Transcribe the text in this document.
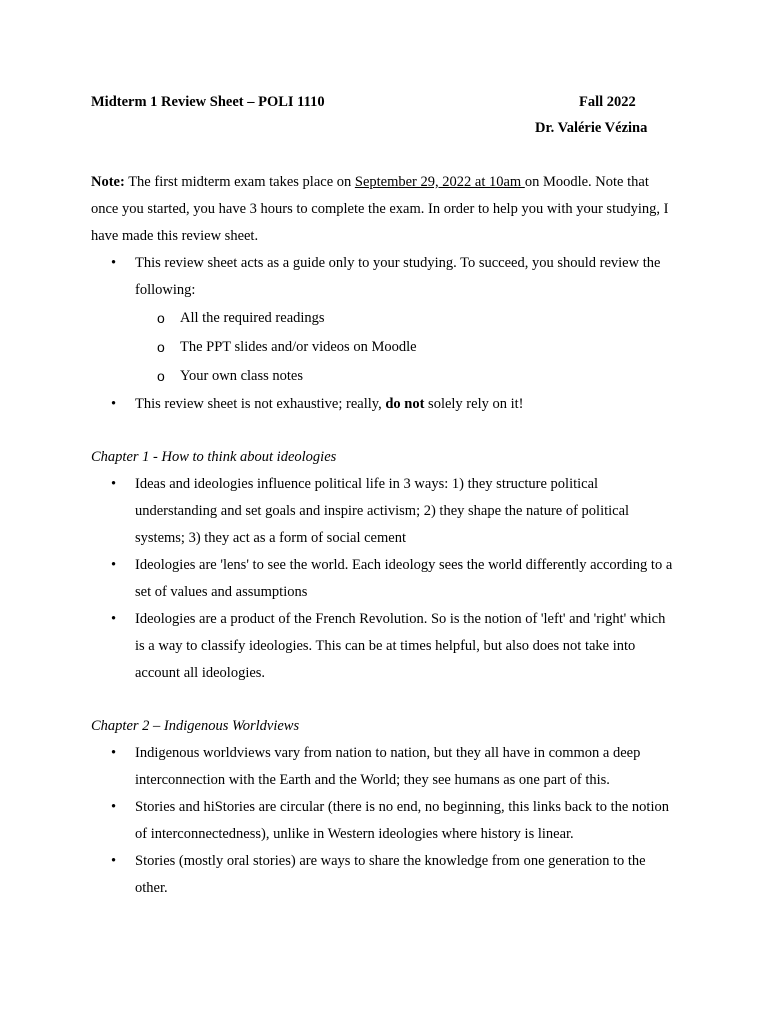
Midterm 1 Review Sheet – POLI 1110	Fall 2022
Dr. Valérie Vézina

Note: The first midterm exam takes place on September 29, 2022 at 10am on Moodle. Note that once you started, you have 3 hours to complete the exam. In order to help you with your studying, I have made this review sheet.

• This review sheet acts as a guide only to your studying. To succeed, you should review the following:
o All the required readings
o The PPT slides and/or videos on Moodle
o Your own class notes
• This review sheet is not exhaustive; really, do not solely rely on it!

Chapter 1 - How to think about ideologies

• Ideas and ideologies influence political life in 3 ways: 1) they structure political understanding and set goals and inspire activism; 2) they shape the nature of political systems; 3) they act as a form of social cement
• Ideologies are 'lens' to see the world. Each ideology sees the world differently according to a set of values and assumptions
• Ideologies are a product of the French Revolution. So is the notion of 'left' and 'right' which is a way to classify ideologies. This can be at times helpful, but also does not take into account all ideologies.

Chapter 2 – Indigenous Worldviews

• Indigenous worldviews vary from nation to nation, but they all have in common a deep interconnection with the Earth and the World; they see humans as one part of this.
• Stories and hiStories are circular (there is no end, no beginning, this links back to the notion of interconnectedness), unlike in Western ideologies where history is linear.
• Stories (mostly oral stories) are ways to share the knowledge from one generation to the other.
